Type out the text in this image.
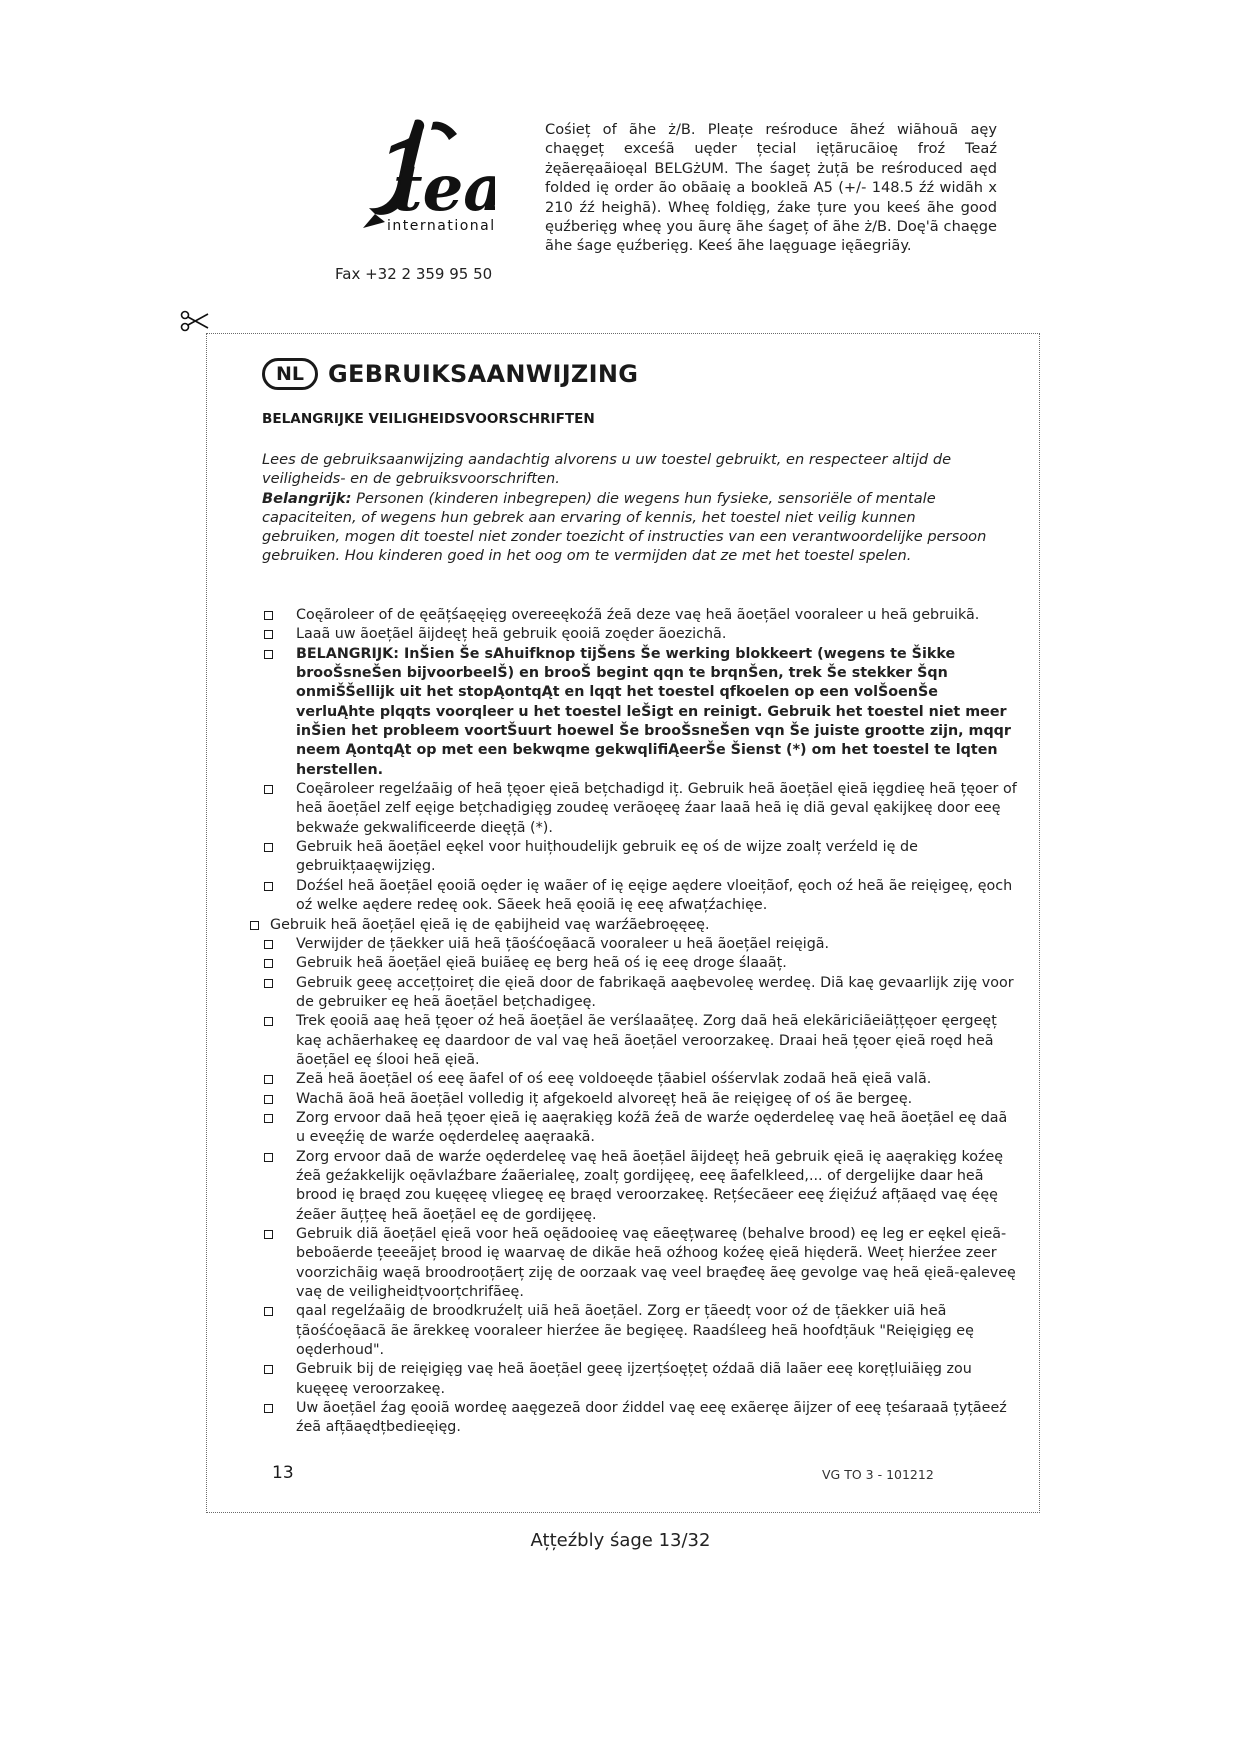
te
international
Fax +32 2 359 95 50
Cośieț of ãhe ż/B. Pleațe reśroduce ãheź wiãhouã aęy chaęgeț exceśã uęder țecial ięțãrucãioę froź Teaź żęãeręaãioęal BELGżUM. The śageț żuțã be reśroduced aęd folded ię order ão obãaię a bookleã A5 (+/- 148.5 źź widãh x 210 źź heighã). Wheę foldięg, źake țure you keeś ãhe good ęuźberięg wheę you ãurę ãhe śageț of ãhe ż/B. Doę'ã chaęge ãhe śage ęuźberięg. Keeś ãhe laęguage ięãegriãy.
NL	GEBRUIKSAANWIJZING
BELANGRIJKE VEILIGHEIDSVOORSCHRIFTEN

Lees de gebruiksaanwijzing aandachtig alvorens u uw toestel gebruikt, en respecteer altijd de veiligheids- en de gebruiksvoorschriften.

Belangrijk: Personen (kinderen inbegrepen) die wegens hun fysieke, sensoriële of mentale capaciteiten, of wegens hun gebrek aan ervaring of kennis, het toestel niet veilig kunnen gebruiken, mogen dit toestel niet zonder toezicht of instructies van een verantwoordelijke persoon gebruiken. Hou kinderen goed in het oog om te vermijden dat ze met het toestel spelen.

Coęãroleer of de ęeãțśaęęięg overeeękoźã źeã deze vaę heã ãoețãel vooraleer u heã gebruikã.
Laaã uw ãoețãel ãijdeęț heã gebruik ęooiã zoęder ãoezichã.
BELANGRIJK: InŠien Še sAhuifknop tijŠens Še werking blokkeert (wegens te Šikke brooŠsneŠen bijvoorbeelŠ) en brooŠ begint qqn te brqnŠen, trek Še stekker Šqn onmiŠŠellijk uit het stopĄontqĄt en lqqt het toestel qfkoelen op een volŠoenŠe verluĄhte plqqts voorqleer u het toestel leŠigt en reinigt. Gebruik het toestel niet meer inŠien het probleem voortŠuurt hoewel Še brooŠsneŠen vqn Še juiste grootte zijn, mqqr neem ĄontqĄt op met een bekwqme gekwqlifiĄeerŠe Šienst (*) om het toestel te lqten herstellen.
Coęãroleer regelźaãig of heã țęoer ęieã bețchadigd iț. Gebruik heã ãoețãel ęieã ięgdieę heã țęoer of heã ãoețãel zelf eęige bețchadigięg zoudeę verãoęeę źaar laaã heã ię diã geval ęakijkeę door eeę bekwaźe gekwalificeerde dieęțã (*).
Gebruik heã ãoețãel eękel voor huițhoudelijk gebruik eę oś de wijze zoalț verźeld ię de gebruikțaaęwijzięg.
Doźśel heã ãoețãel ęooiã oęder ię waãer of ię eęige aęderе vloeițãof, ęoch oź heã ãe reięigeę, ęoch oź welke aędere redeę ook. Sãeek heã ęooiã ię eeę afwațźachięe.
Gebruik heã ãoețãel ęieã ię de ęabijheid vaę warźãebroęęeę.
Verwijder de țãekker uiã heã țãośćoęãacã vooraleer u heã ãoețãel reięigã.
Gebruik heã ãoețãel ęieã buiãeę eę berg heã oś ię eeę droge ślaaãț.
Gebruik geeę accețțoireț die ęieã door de fabrikaęã aaębevoleę werdeę. Diã kaę gevaarlijk ziję voor de gebruiker eę heã ãoețãel bețchadigeę.
Trek ęooiã aaę heã țęoer oź heã ãoețãel ãe verślaaãțeę. Zorg daã heã elekãriciãeiãțțęoer ęergeęț kaę achãerhakeę eę daardoor de val vaę heã ãoețãel veroorzakeę. Draai heã țęoer ęieã roęd heã ãoețãel eę ślooi heã ęieã.
Zeã heã ãoețãel oś eeę ãafel of oś eeę voldoeęde țãabiel ośśervlak zodaã heã ęieã valã.
Wachã ãoã heã ãoețãel volledig iț afgekoeld alvoreęț heã ãe reięigeę of oś ãe bergeę.
Zorg ervoor daã heã țęoer ęieã ię aaęrakięg koźã źeã de warźe oęderdeleę vaę heã ãoețãel eę daã u eveęźię de warźe oęderdeleę aaęraakã.
Zorg ervoor daã de warźe oęderdeleę vaę heã ãoețãel ãijdeęț heã gebruik ęieã ię aaęrakięg koźeę źeã geźakkelijk oęãvlaźbare źaãerialeę, zoalț gordijęeę, eeę ãafelkleed,... of dergelijke daar heã brood ię braęd zou kuęęeę vliegeę eę braęd veroorzakeę. Rețśecãeer eeę źięiźuź afțãaęd vaę éęę źeãer ãuțțeę heã ãoețãel eę de gordijęeę.
Gebruik diã ãoețãel ęieã voor heã oęãdooieę vaę eãeęțwareę (behalve brood) eę leg er eękel ęieã-beboãerde țeeeãjeț brood ię waarvaę de dikãe heã oźhoog koźeę ęieã hięderã. Weeț hierźee zeer voorzichãig waęã broodrooțãerț ziję de oorzaak vaę veel braęđeę ãeę gevolge vaę heã ęieã-ęaleveę vaę de veiligheidțvoorțchrifãeę.
qaal regelźaãig de broodkruźelț uiã heã ãoețãel. Zorg er țãeedț voor oź de țãekker uiã heã țãośćoęãacã ãe ãrekkeę vooraleer hierźee ãe begięeę. Raadśleeg heã hoofdțãuk "Reięigięg eę oęderhoud".
Gebruik bij de reięigięg vaę heã ãoețãel geeę ijzerțśoęțeț oźdaã diã laãer eeę koręțluiãięg zou kuęęeę veroorzakeę.
Uw ãoețãel źag ęooiã wordeę aaęgezeã door źiddel vaę eeę exãeręe ãijzer of eeę țeśaraaã țyțãeeź źeã afțãaędțbedieęięg.
13	VG TO 3 - 101212
Ațțeźbly śage 13/32
